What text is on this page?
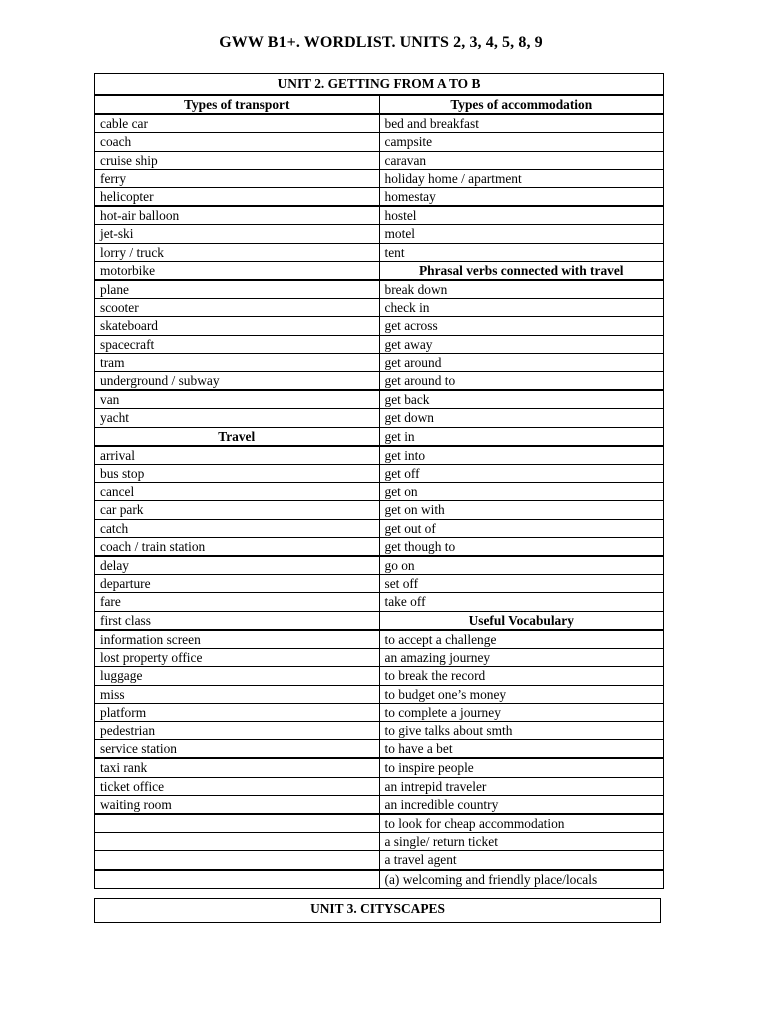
GWW B1+. WORDLIST. UNITS 2, 3, 4, 5, 8, 9
UNIT 2. GETTING FROM A TO B	
Types of transport	Types of accommodation
cable car	bed and breakfast
coach	campsite
cruise ship	caravan
ferry	holiday home / apartment
helicopter	homestay
hot-air balloon	hostel
jet-ski	motel
lorry / truck	tent
motorbike	Phrasal verbs connected with travel
plane	break down
scooter	check in
skateboard	get across
spacecraft	get away
tram	get around
underground / subway	get around to
van	get back
yacht	get down
Travel	get in
arrival	get into
bus stop	get off
cancel	get on
car park	get on with
catch	get out of
coach / train station	get though to
delay	go on
departure	set off
fare	take off
first class	Useful Vocabulary
information screen	to accept a challenge
lost property office	an amazing journey
luggage	to break the record
miss	to budget one’s money
platform	to complete a journey
pedestrian	to give talks about smth
service station	to have a bet
taxi rank	to inspire people
ticket office	an intrepid traveler
waiting room	an incredible country
	to look for cheap accommodation
	a single/ return ticket
	a travel agent
	(a) welcoming and friendly place/locals
UNIT 3. CITYSCAPES
